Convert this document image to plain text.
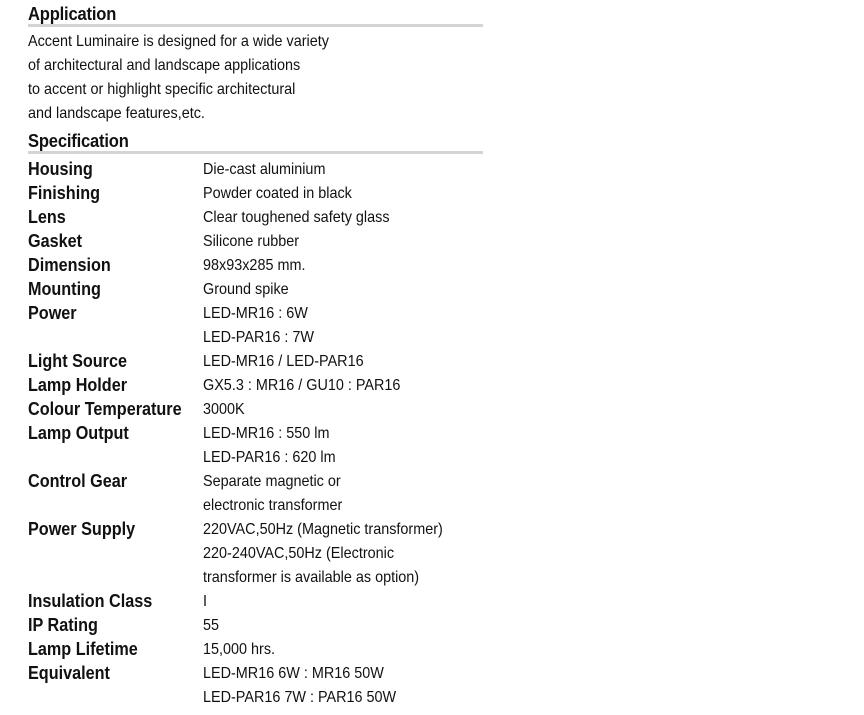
Application
Accent Luminaire is designed for a wide variety
of architectural and landscape applications
to accent or highlight specific architectural
and landscape features,etc.
Specification
Housing	Die-cast aluminium
Finishing	Powder coated in black
Lens	Clear toughened safety glass
Gasket	Silicone rubber
Dimension	98x93x285 mm.
Mounting	Ground spike
Power	LED-MR16 : 6W
LED-PAR16 : 7W
Light Source	LED-MR16 / LED-PAR16
Lamp Holder	GX5.3 : MR16 / GU10 : PAR16
Colour Temperature 3000K
Lamp Output	LED-MR16 : 550 lm
LED-PAR16 : 620 lm
Control Gear	Separate magnetic or
electronic transformer
Power Supply	220VAC,50Hz (Magnetic transformer)
220-240VAC,50Hz (Electronic
transformer is available as option)
Insulation Class	I
IP Rating	55
Lamp Lifetime	15,000 hrs.
Equivalent	LED-MR16 6W : MR16 50W
LED-PAR16 7W : PAR16 50W
